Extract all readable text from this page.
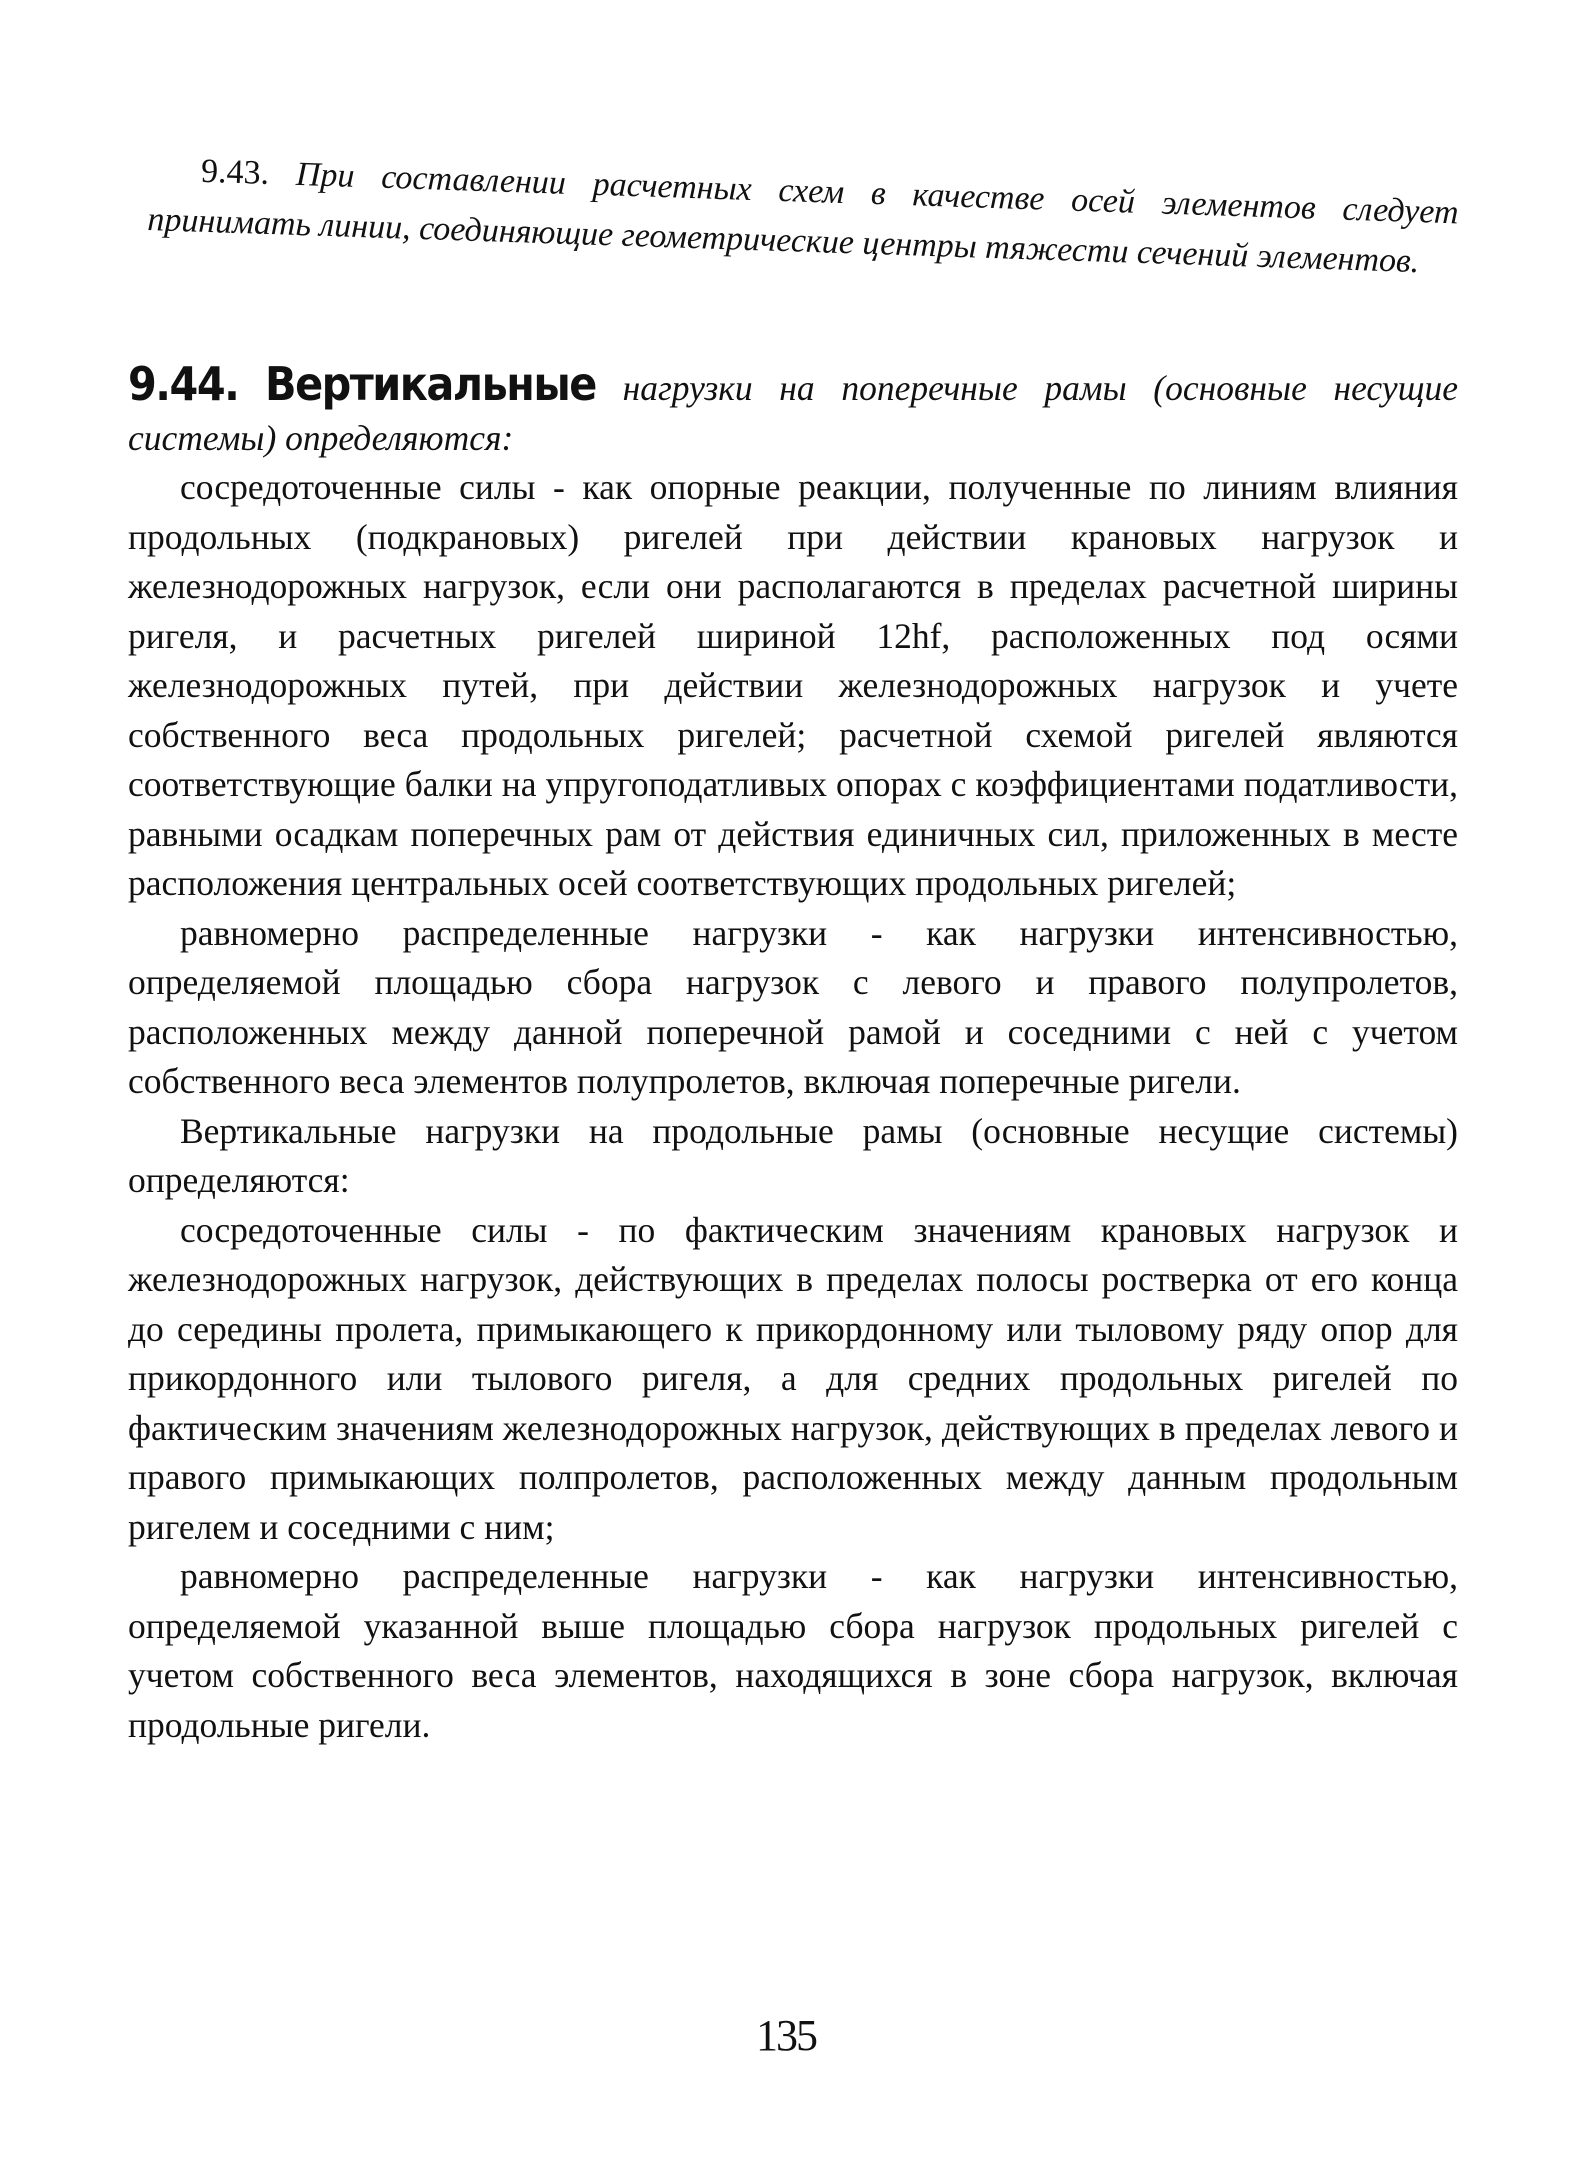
9.43. При составлении расчетных схем в качестве осей элементов следует принимать линии, соединяющие геометрические центры тяжести сечений элементов.

9.44. Вертикальные нагрузки на поперечные рамы (основные несущие системы) определяются:

сосредоточенные силы - как опорные реакции, полученные по линиям влияния продольных (подкрановых) ригелей при действии крановых нагрузок и железнодорожных нагрузок, если они располагаются в пределах расчетной ширины ригеля, и расчетных ригелей шириной 12hf, расположенных под осями железнодорожных путей, при действии железнодорожных нагрузок и учете собственного веса продольных ригелей; расчетной схемой ригелей являются соответствующие балки на упругоподатливых опорах с коэффициентами податливости, равными осадкам поперечных рам от действия единичных сил, приложенных в месте расположения центральных осей соответствующих продольных ригелей;

равномерно распределенные нагрузки - как нагрузки интенсивностью, определяемой площадью сбора нагрузок с левого и правого полупролетов, расположенных между данной поперечной рамой и соседними с ней с учетом собственного веса элементов полупролетов, включая поперечные ригели.

Вертикальные нагрузки на продольные рамы (основные несущие системы) определяются:

сосредоточенные силы - по фактическим значениям крановых нагрузок и железнодорожных нагрузок, действующих в пределах полосы ростверка от его конца до середины пролета, примыкающего к прикордонному или тыловому ряду опор для прикордонного или тылового ригеля, а для средних продольных ригелей по фактическим значениям железнодорожных нагрузок, действующих в пределах левого и правого примыкающих полпролетов, расположенных между данным продольным ригелем и соседними с ним;

равномерно распределенные нагрузки - как нагрузки интенсивностью, определяемой указанной выше площадью сбора нагрузок продольных ригелей с учетом собственного веса элементов, находящихся в зоне сбора нагрузок, включая продольные ригели.

135
